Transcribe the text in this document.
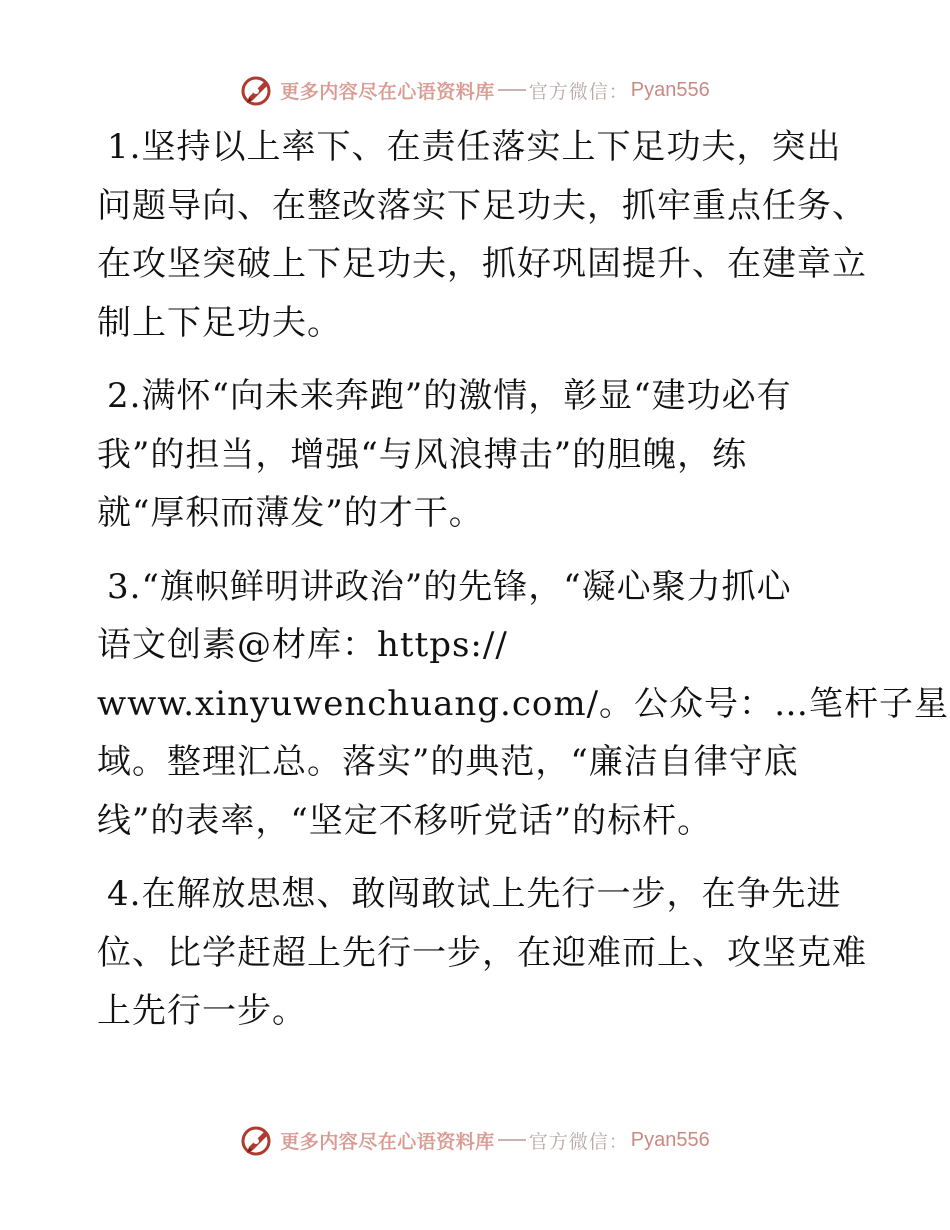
更多内容尽在心语资料库 官方微信： Pyan556

1.坚持以上率下、在责任落实上下足功夫，突出
问题导向、在整改落实下足功夫，抓牢重点任务、
在攻坚突破上下足功夫，抓好巩固提升、在建章立
制上下足功夫。

2.满怀“向未来奔跑”的激情，彰显“建功必有
我”的担当，增强“与风浪搏击”的胆魄，练
就“厚积而薄发”的才干。

3.“旗帜鲜明讲政治”的先锋，“凝心聚力抓心
语文创素@材库：https://
www.xinyuwenchuang.com/。公众号：…笔杆子星
域。整理汇总。落实”的典范，“廉洁自律守底
线”的表率，“坚定不移听党话”的标杆。

4.在解放思想、敢闯敢试上先行一步，在争先进
位、比学赶超上先行一步，在迎难而上、攻坚克难
上先行一步。

更多内容尽在心语资料库 官方微信： Pyan556
